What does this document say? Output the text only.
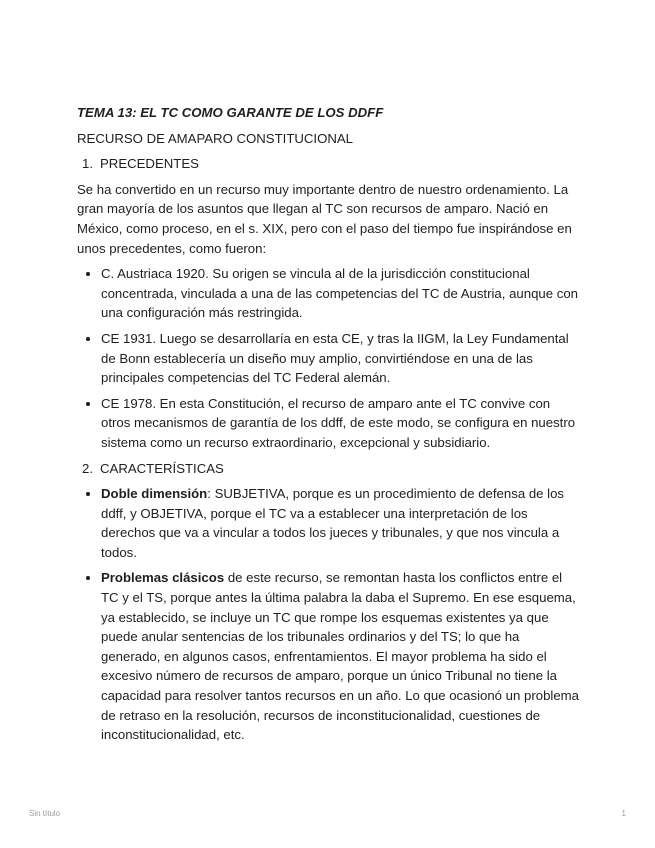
TEMA 13: EL TC COMO GARANTE DE LOS DDFF
RECURSO DE AMAPARO CONSTITUCIONAL
1. PRECEDENTES

Se ha convertido en un recurso muy importante dentro de nuestro ordenamiento. La gran mayoría de los asuntos que llegan al TC son recursos de amparo. Nació en México, como proceso, en el s. XIX, pero con el paso del tiempo fue inspirándose en unos precedentes, como fueron:

C. Austriaca 1920. Su origen se vincula al de la jurisdicción constitucional concentrada, vinculada a una de las competencias del TC de Austria, aunque con una configuración más restringida.
CE 1931. Luego se desarrollaría en esta CE, y tras la IIGM, la Ley Fundamental de Bonn establecería un diseño muy amplio, convirtiéndose en una de las principales competencias del TC Federal alemán.
CE 1978. En esta Constitución, el recurso de amparo ante el TC convive con otros mecanismos de garantía de los ddff, de este modo, se configura en nuestro sistema como un recurso extraordinario, excepcional y subsidiario.
2. CARACTERÍSTICAS
Doble dimensión: SUBJETIVA, porque es un procedimiento de defensa de los ddff, y OBJETIVA, porque el TC va a establecer una interpretación de los derechos que va a vincular a todos los jueces y tribunales, y que nos vincula a todos.
Problemas clásicos de este recurso, se remontan hasta los conflictos entre el TC y el TS, porque antes la última palabra la daba el Supremo. En ese esquema, ya establecido, se incluye un TC que rompe los esquemas existentes ya que puede anular sentencias de los tribunales ordinarios y del TS; lo que ha generado, en algunos casos, enfrentamientos. El mayor problema ha sido el excesivo número de recursos de amparo, porque un único Tribunal no tiene la capacidad para resolver tantos recursos en un año. Lo que ocasionó un problema de retraso en la resolución, recursos de inconstitucionalidad, cuestiones de inconstitucionalidad, etc.
Sin título	1
